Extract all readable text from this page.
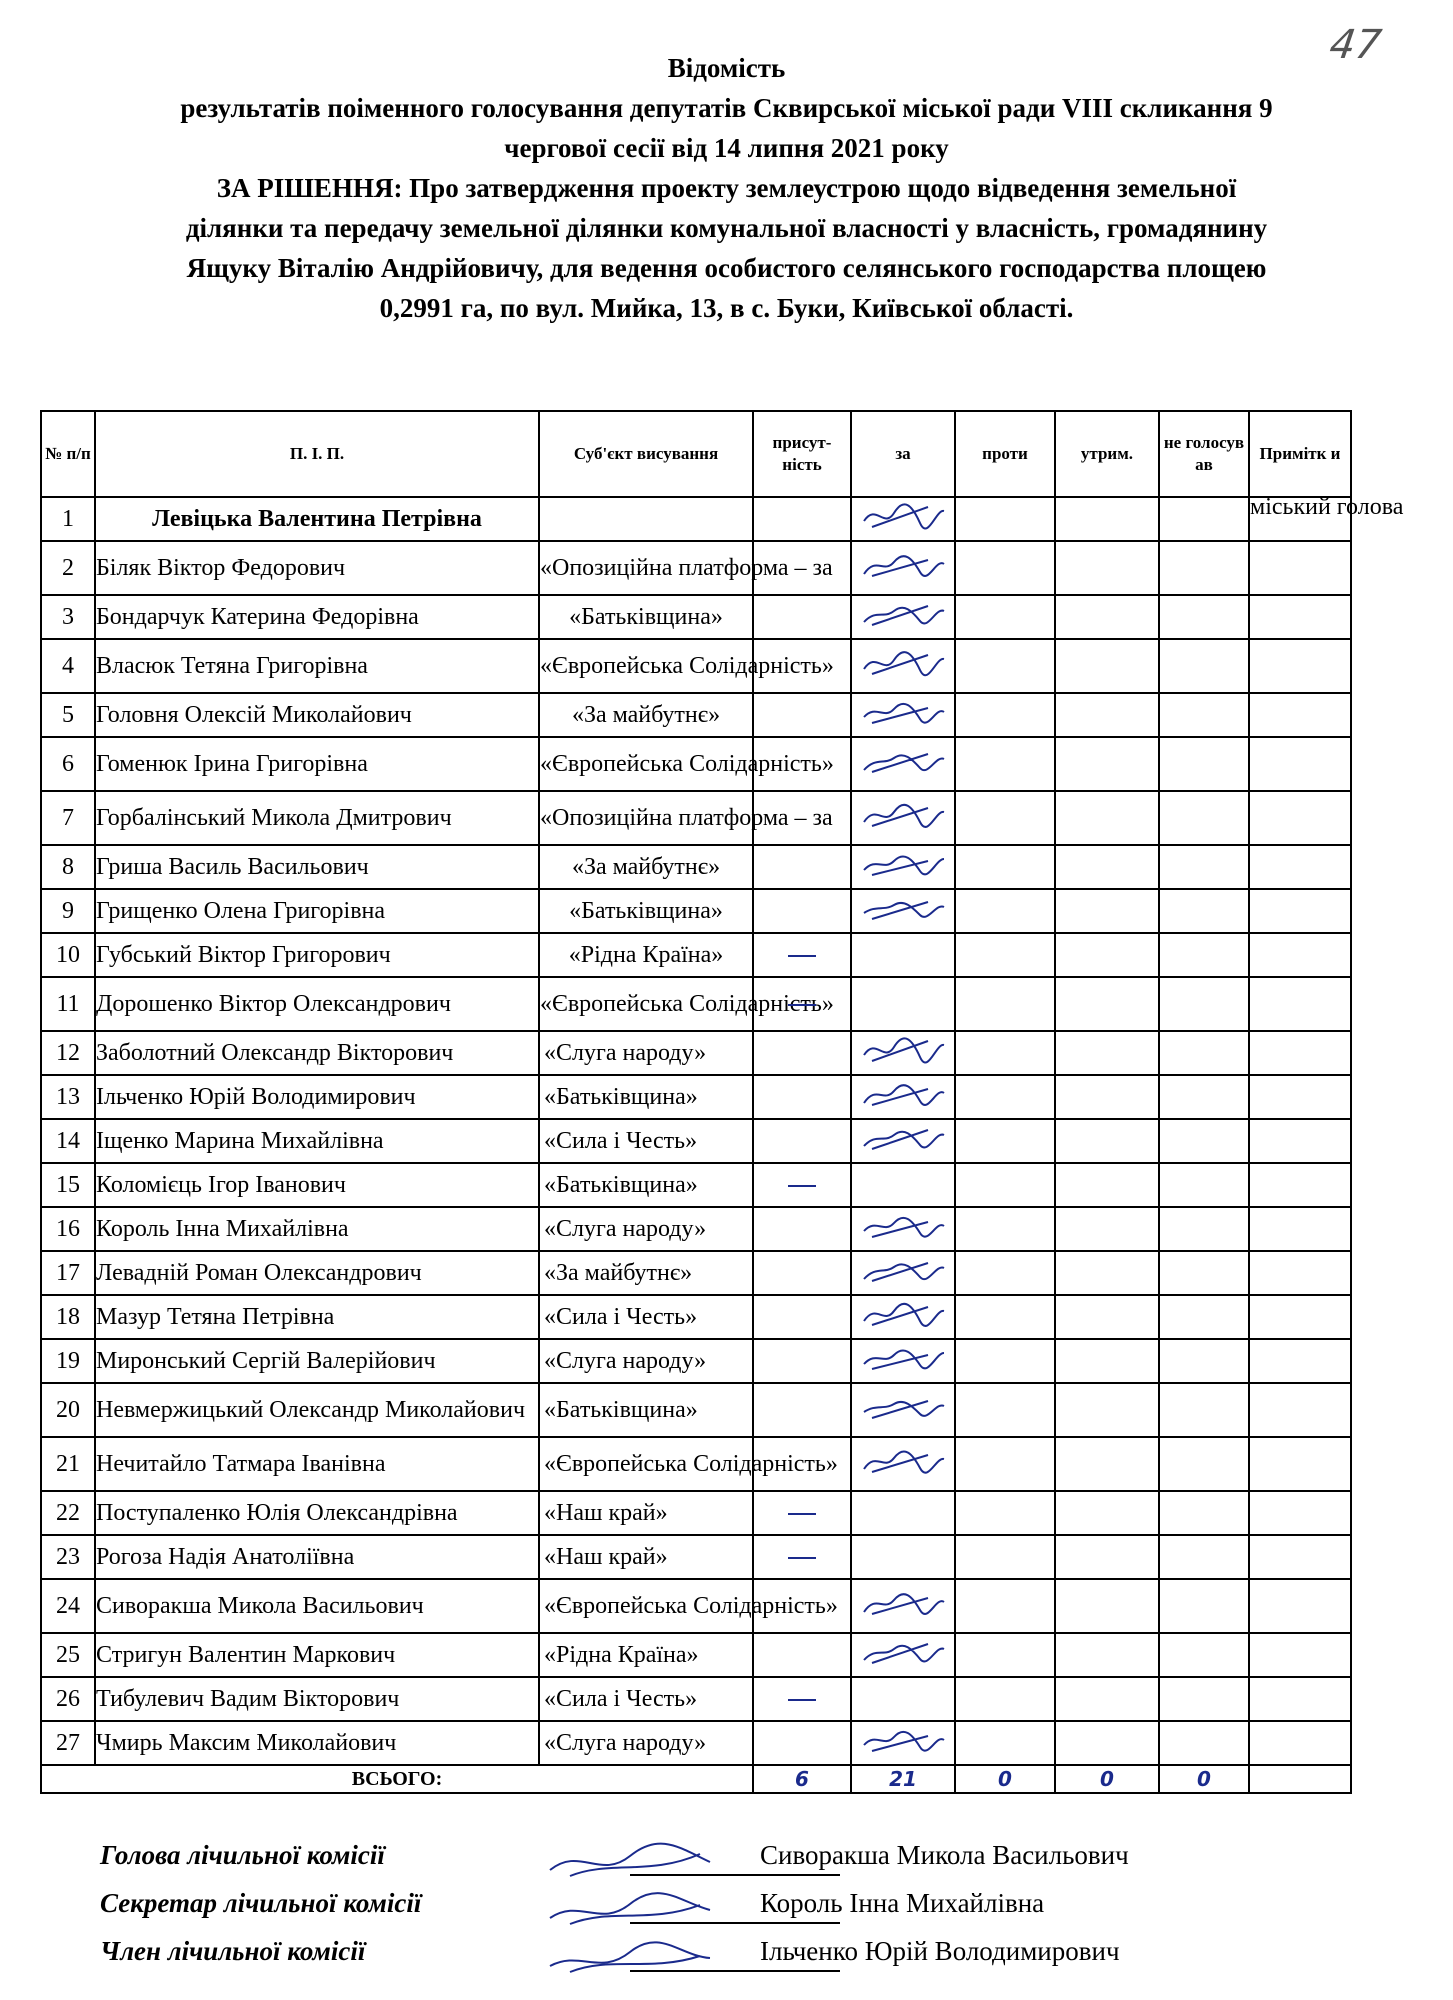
47
Відомість
результатів поіменного голосування депутатів Сквирської міської ради VIII скликання 9
чергової сесії від 14 липня 2021 року
ЗА РІШЕННЯ: Про затвердження проекту землеустрою щодо відведення земельної
ділянки та передачу земельної ділянки комунальної власності у власність, громадянину
Ящуку Віталію Андрійовичу, для ведення особистого селянського господарства площею
0,2991 га, по вул. Мийка, 13, в с. Буки, Київської області.
№ п/п	П. І. П.	Суб'єкт висування	присут- ність	за	проти	утрим.	не голосув ав	Примітк и
1	Левіцька Валентина Петрівна							міський голова
2	Біляк Віктор Федорович	«Опозиційна платформа – за						
3	Бондарчук Катерина Федорівна	«Батьківщина»						
4	Власюк Тетяна Григорівна	«Європейська Солідарність»						
5	Головня Олексій Миколайович	«За майбутнє»						
6	Гоменюк Ірина Григорівна	«Європейська Солідарність»						
7	Горбалінський Микола Дмитрович	«Опозиційна платформа – за						
8	Гриша Василь Васильович	«За майбутнє»						
9	Грищенко Олена Григорівна	«Батьківщина»						
10	Губський Віктор Григорович	«Рідна Країна»						
11	Дорошенко Віктор Олександрович	«Європейська Солідарність»						
12	Заболотний Олександр Вікторович	«Слуга народу»						
13	Ільченко Юрій Володимирович	«Батьківщина»						
14	Іщенко Марина Михайлівна	«Сила і Честь»						
15	Коломієць Ігор Іванович	«Батьківщина»						
16	Король Інна Михайлівна	«Слуга народу»						
17	Левадній Роман Олександрович	«За майбутнє»						
18	Мазур Тетяна Петрівна	«Сила і Честь»						
19	Миронський Сергій Валерійович	«Слуга народу»						
20	Невмержицький Олександр Миколайович	«Батьківщина»						
21	Нечитайло Татмара Іванівна	«Європейська Солідарність»						
22	Поступаленко Юлія Олександрівна	«Наш край»						
23	Рогоза Надія Анатоліївна	«Наш край»						
24	Сиворакша Микола Васильович	«Європейська Солідарність»						
25	Стригун Валентин Маркович	«Рідна Країна»						
26	Тибулевич Вадим Вікторович	«Сила і Честь»						
27	Чмирь Максим Миколайович	«Слуга народу»						
ВСЬОГО:			6	21	0	0	0	
Голова лічильної комісії	Сиворакша Микола Васильович
Секретар лічильної комісії	Король Інна Михайлівна
Член лічильної комісії	Ільченко Юрій Володимирович
